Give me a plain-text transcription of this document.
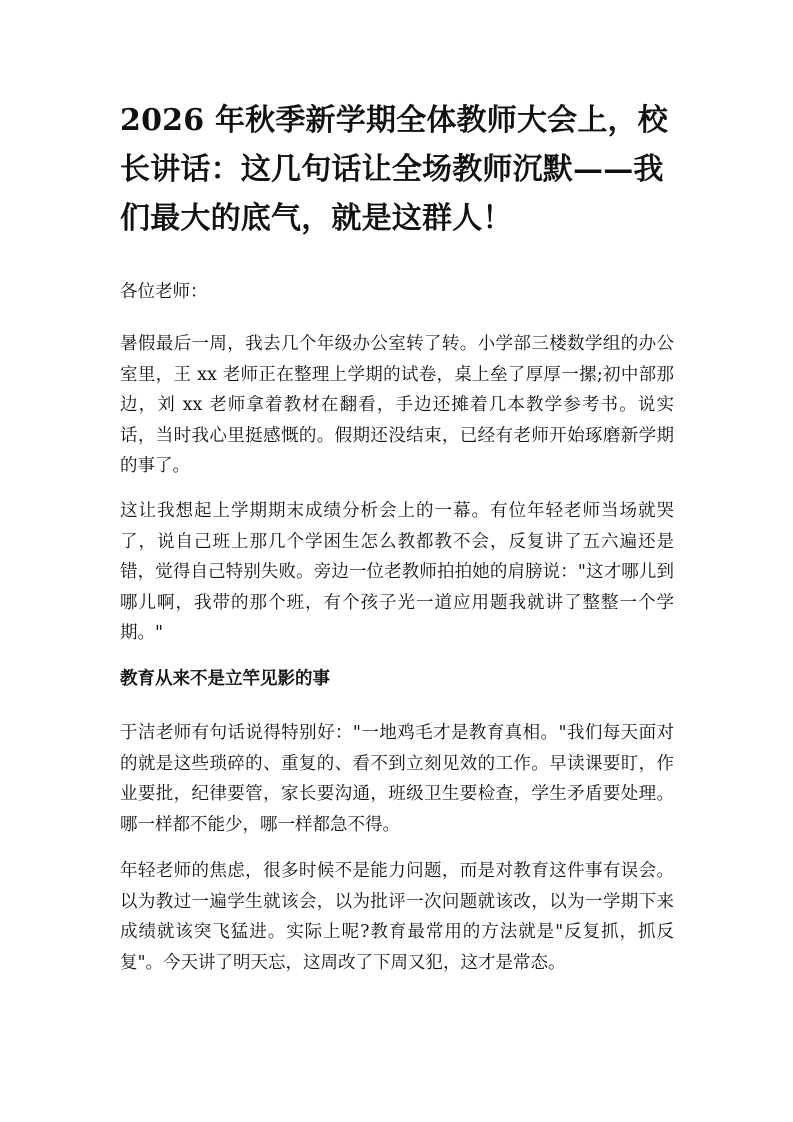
2026 年秋季新学期全体教师大会上，校长讲话：这几句话让全场教师沉默——我们最大的底气，就是这群人！

各位老师：

暑假最后一周，我去几个年级办公室转了转。小学部三楼数学组的办公室里，王 xx 老师正在整理上学期的试卷，桌上垒了厚厚一摞;初中部那边，刘 xx 老师拿着教材在翻看，手边还摊着几本教学参考书。说实话，当时我心里挺感慨的。假期还没结束，已经有老师开始琢磨新学期的事了。

这让我想起上学期期末成绩分析会上的一幕。有位年轻老师当场就哭了，说自己班上那几个学困生怎么教都教不会，反复讲了五六遍还是错，觉得自己特别失败。旁边一位老教师拍拍她的肩膀说："这才哪儿到哪儿啊，我带的那个班，有个孩子光一道应用题我就讲了整整一个学期。"

教育从来不是立竿见影的事

于洁老师有句话说得特别好："一地鸡毛才是教育真相。"我们每天面对的就是这些琐碎的、重复的、看不到立刻见效的工作。早读课要盯，作业要批，纪律要管，家长要沟通，班级卫生要检查，学生矛盾要处理。哪一样都不能少，哪一样都急不得。

年轻老师的焦虑，很多时候不是能力问题，而是对教育这件事有误会。以为教过一遍学生就该会，以为批评一次问题就该改，以为一学期下来成绩就该突飞猛进。实际上呢?教育最常用的方法就是"反复抓，抓反复"。今天讲了明天忘，这周改了下周又犯，这才是常态。
